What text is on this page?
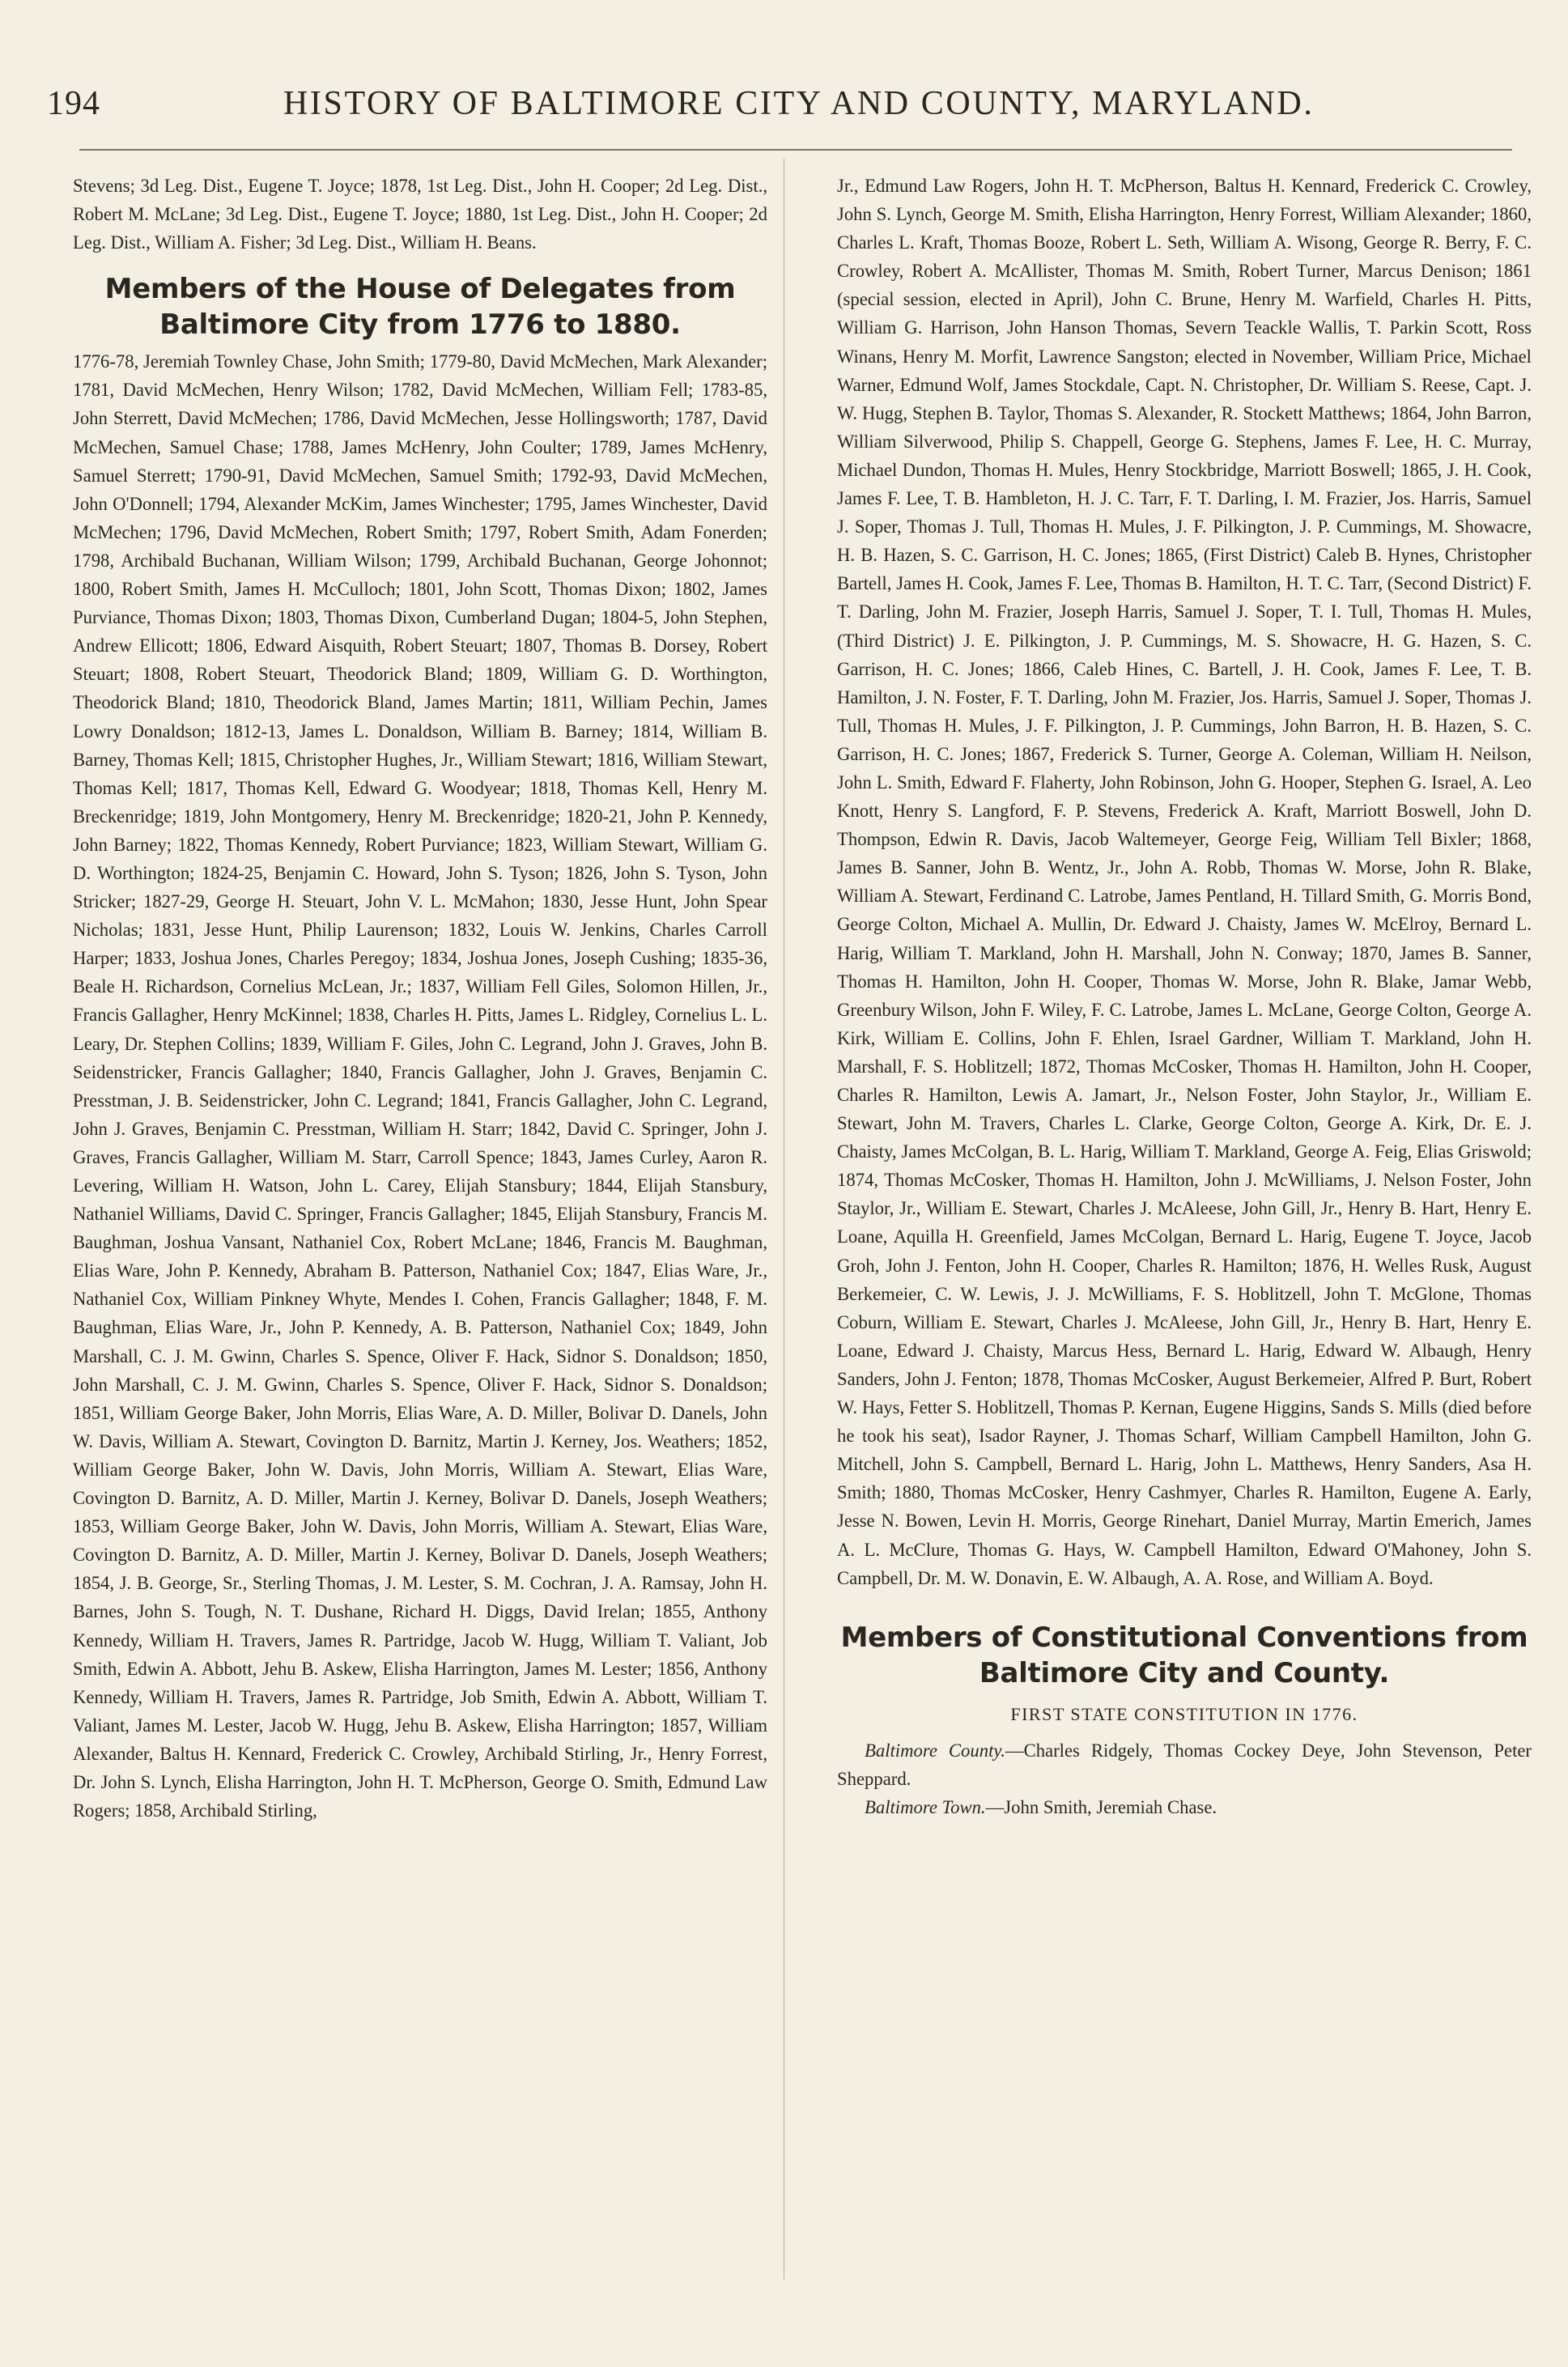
194	HISTORY OF BALTIMORE CITY AND COUNTY, MARYLAND.

Stevens; 3d Leg. Dist., Eugene T. Joyce; 1878, 1st Leg. Dist., John H. Cooper; 2d Leg. Dist., Robert M. McLane; 3d Leg. Dist., Eugene T. Joyce; 1880, 1st Leg. Dist., John H. Cooper; 2d Leg. Dist., William A. Fisher; 3d Leg. Dist., William H. Beans.

Members of the House of Delegates from Baltimore City from 1776 to 1880.

1776-78, Jeremiah Townley Chase, John Smith; 1779-80, David McMechen, Mark Alexander; 1781, David McMechen, Henry Wilson; 1782, David McMechen, William Fell; 1783-85, John Sterrett, David McMechen; 1786, David McMechen, Jesse Hollingsworth; 1787, David McMechen, Samuel Chase; 1788, James McHenry, John Coulter; 1789, James McHenry, Samuel Sterrett; 1790-91, David McMechen, Samuel Smith; 1792-93, David McMechen, John O'Donnell; 1794, Alexander McKim, James Winchester; 1795, James Winchester, David McMechen; 1796, David McMechen, Robert Smith; 1797, Robert Smith, Adam Fonerden; 1798, Archibald Buchanan, William Wilson; 1799, Archibald Buchanan, George Johonnot; 1800, Robert Smith, James H. McCulloch; 1801, John Scott, Thomas Dixon; 1802, James Purviance, Thomas Dixon; 1803, Thomas Dixon, Cumberland Dugan; 1804-5, John Stephen, Andrew Ellicott; 1806, Edward Aisquith, Robert Steuart; 1807, Thomas B. Dorsey, Robert Steuart; 1808, Robert Steuart, Theodorick Bland; 1809, William G. D. Worthington, Theodorick Bland; 1810, Theodorick Bland, James Martin; 1811, William Pechin, James Lowry Donaldson; 1812-13, James L. Donaldson, William B. Barney; 1814, William B. Barney, Thomas Kell; 1815, Christopher Hughes, Jr., William Stewart; 1816, William Stewart, Thomas Kell; 1817, Thomas Kell, Edward G. Woodyear; 1818, Thomas Kell, Henry M. Breckenridge; 1819, John Montgomery, Henry M. Breckenridge; 1820-21, John P. Kennedy, John Barney; 1822, Thomas Kennedy, Robert Purviance; 1823, William Stewart, William G. D. Worthington; 1824-25, Benjamin C. Howard, John S. Tyson; 1826, John S. Tyson, John Stricker; 1827-29, George H. Steuart, John V. L. McMahon; 1830, Jesse Hunt, John Spear Nicholas; 1831, Jesse Hunt, Philip Laurenson; 1832, Louis W. Jenkins, Charles Carroll Harper; 1833, Joshua Jones, Charles Peregoy; 1834, Joshua Jones, Joseph Cushing; 1835-36, Beale H. Richardson, Cornelius McLean, Jr.; 1837, William Fell Giles, Solomon Hillen, Jr., Francis Gallagher, Henry McKinnel; 1838, Charles H. Pitts, James L. Ridgley, Cornelius L. L. Leary, Dr. Stephen Collins; 1839, William F. Giles, John C. Legrand, John J. Graves, John B. Seidenstricker, Francis Gallagher; 1840, Francis Gallagher, John J. Graves, Benjamin C. Presstman, J. B. Seidenstricker, John C. Legrand; 1841, Francis Gallagher, John C. Legrand, John J. Graves, Benjamin C. Presstman, William H. Starr; 1842, David C. Springer, John J. Graves, Francis Gallagher, William M. Starr, Carroll Spence; 1843, James Curley, Aaron R. Levering, William H. Watson, John L. Carey, Elijah Stansbury; 1844, Elijah Stansbury, Nathaniel Williams, David C. Springer, Francis Gallagher; 1845, Elijah Stansbury, Francis M. Baughman, Joshua Vansant, Nathaniel Cox, Robert McLane; 1846, Francis M. Baughman, Elias Ware, John P. Kennedy, Abraham B. Patterson, Nathaniel Cox; 1847, Elias Ware, Jr., Nathaniel Cox, William Pinkney Whyte, Mendes I. Cohen, Francis Gallagher; 1848, F. M. Baughman, Elias Ware, Jr., John P. Kennedy, A. B. Patterson, Nathaniel Cox; 1849, John Marshall, C. J. M. Gwinn, Charles S. Spence, Oliver F. Hack, Sidnor S. Donaldson; 1850, John Marshall, C. J. M. Gwinn, Charles S. Spence, Oliver F. Hack, Sidnor S. Donaldson; 1851, William George Baker, John Morris, Elias Ware, A. D. Miller, Bolivar D. Danels, John W. Davis, William A. Stewart, Covington D. Barnitz, Martin J. Kerney, Jos. Weathers; 1852, William George Baker, John W. Davis, John Morris, William A. Stewart, Elias Ware, Covington D. Barnitz, A. D. Miller, Martin J. Kerney, Bolivar D. Danels, Joseph Weathers; 1853, William George Baker, John W. Davis, John Morris, William A. Stewart, Elias Ware, Covington D. Barnitz, A. D. Miller, Martin J. Kerney, Bolivar D. Danels, Joseph Weathers; 1854, J. B. George, Sr., Sterling Thomas, J. M. Lester, S. M. Cochran, J. A. Ramsay, John H. Barnes, John S. Tough, N. T. Dushane, Richard H. Diggs, David Irelan; 1855, Anthony Kennedy, William H. Travers, James R. Partridge, Jacob W. Hugg, William T. Valiant, Job Smith, Edwin A. Abbott, Jehu B. Askew, Elisha Harrington, James M. Lester; 1856, Anthony Kennedy, William H. Travers, James R. Partridge, Job Smith, Edwin A. Abbott, William T. Valiant, James M. Lester, Jacob W. Hugg, Jehu B. Askew, Elisha Harrington; 1857, William Alexander, Baltus H. Kennard, Frederick C. Crowley, Archibald Stirling, Jr., Henry Forrest, Dr. John S. Lynch, Elisha Harrington, John H. T. McPherson, George O. Smith, Edmund Law Rogers; 1858, Archibald Stirling,

Jr., Edmund Law Rogers, John H. T. McPherson, Baltus H. Kennard, Frederick C. Crowley, John S. Lynch, George M. Smith, Elisha Harrington, Henry Forrest, William Alexander; 1860, Charles L. Kraft, Thomas Booze, Robert L. Seth, William A. Wisong, George R. Berry, F. C. Crowley, Robert A. McAllister, Thomas M. Smith, Robert Turner, Marcus Denison; 1861 (special session, elected in April), John C. Brune, Henry M. Warfield, Charles H. Pitts, William G. Harrison, John Hanson Thomas, Severn Teackle Wallis, T. Parkin Scott, Ross Winans, Henry M. Morfit, Lawrence Sangston; elected in November, William Price, Michael Warner, Edmund Wolf, James Stockdale, Capt. N. Christopher, Dr. William S. Reese, Capt. J. W. Hugg, Stephen B. Taylor, Thomas S. Alexander, R. Stockett Matthews; 1864, John Barron, William Silverwood, Philip S. Chappell, George G. Stephens, James F. Lee, H. C. Murray, Michael Dundon, Thomas H. Mules, Henry Stockbridge, Marriott Boswell; 1865, J. H. Cook, James F. Lee, T. B. Hambleton, H. J. C. Tarr, F. T. Darling, I. M. Frazier, Jos. Harris, Samuel J. Soper, Thomas J. Tull, Thomas H. Mules, J. F. Pilkington, J. P. Cummings, M. Showacre, H. B. Hazen, S. C. Garrison, H. C. Jones; 1865, (First District) Caleb B. Hynes, Christopher Bartell, James H. Cook, James F. Lee, Thomas B. Hamilton, H. T. C. Tarr, (Second District) F. T. Darling, John M. Frazier, Joseph Harris, Samuel J. Soper, T. I. Tull, Thomas H. Mules, (Third District) J. E. Pilkington, J. P. Cummings, M. S. Showacre, H. G. Hazen, S. C. Garrison, H. C. Jones; 1866, Caleb Hines, C. Bartell, J. H. Cook, James F. Lee, T. B. Hamilton, J. N. Foster, F. T. Darling, John M. Frazier, Jos. Harris, Samuel J. Soper, Thomas J. Tull, Thomas H. Mules, J. F. Pilkington, J. P. Cummings, John Barron, H. B. Hazen, S. C. Garrison, H. C. Jones; 1867, Frederick S. Turner, George A. Coleman, William H. Neilson, John L. Smith, Edward F. Flaherty, John Robinson, John G. Hooper, Stephen G. Israel, A. Leo Knott, Henry S. Langford, F. P. Stevens, Frederick A. Kraft, Marriott Boswell, John D. Thompson, Edwin R. Davis, Jacob Waltemeyer, George Feig, William Tell Bixler; 1868, James B. Sanner, John B. Wentz, Jr., John A. Robb, Thomas W. Morse, John R. Blake, William A. Stewart, Ferdinand C. Latrobe, James Pentland, H. Tillard Smith, G. Morris Bond, George Colton, Michael A. Mullin, Dr. Edward J. Chaisty, James W. McElroy, Bernard L. Harig, William T. Markland, John H. Marshall, John N. Conway; 1870, James B. Sanner, Thomas H. Hamilton, John H. Cooper, Thomas W. Morse, John R. Blake, Jamar Webb, Greenbury Wilson, John F. Wiley, F. C. Latrobe, James L. McLane, George Colton, George A. Kirk, William E. Collins, John F. Ehlen, Israel Gardner, William T. Markland, John H. Marshall, F. S. Hoblitzell; 1872, Thomas McCosker, Thomas H. Hamilton, John H. Cooper, Charles R. Hamilton, Lewis A. Jamart, Jr., Nelson Foster, John Staylor, Jr., William E. Stewart, John M. Travers, Charles L. Clarke, George Colton, George A. Kirk, Dr. E. J. Chaisty, James McColgan, B. L. Harig, William T. Markland, George A. Feig, Elias Griswold; 1874, Thomas McCosker, Thomas H. Hamilton, John J. McWilliams, J. Nelson Foster, John Staylor, Jr., William E. Stewart, Charles J. McAleese, John Gill, Jr., Henry B. Hart, Henry E. Loane, Aquilla H. Greenfield, James McColgan, Bernard L. Harig, Eugene T. Joyce, Jacob Groh, John J. Fenton, John H. Cooper, Charles R. Hamilton; 1876, H. Welles Rusk, August Berkemeier, C. W. Lewis, J. J. McWilliams, F. S. Hoblitzell, John T. McGlone, Thomas Coburn, William E. Stewart, Charles J. McAleese, John Gill, Jr., Henry B. Hart, Henry E. Loane, Edward J. Chaisty, Marcus Hess, Bernard L. Harig, Edward W. Albaugh, Henry Sanders, John J. Fenton; 1878, Thomas McCosker, August Berkemeier, Alfred P. Burt, Robert W. Hays, Fetter S. Hoblitzell, Thomas P. Kernan, Eugene Higgins, Sands S. Mills (died before he took his seat), Isador Rayner, J. Thomas Scharf, William Campbell Hamilton, John G. Mitchell, John S. Campbell, Bernard L. Harig, John L. Matthews, Henry Sanders, Asa H. Smith; 1880, Thomas McCosker, Henry Cashmyer, Charles R. Hamilton, Eugene A. Early, Jesse N. Bowen, Levin H. Morris, George Rinehart, Daniel Murray, Martin Emerich, James A. L. McClure, Thomas G. Hays, W. Campbell Hamilton, Edward O'Mahoney, John S. Campbell, Dr. M. W. Donavin, E. W. Albaugh, A. A. Rose, and William A. Boyd.

Members of Constitutional Conventions from Baltimore City and County.
FIRST STATE CONSTITUTION IN 1776.

Baltimore County.—Charles Ridgely, Thomas Cockey Deye, John Stevenson, Peter Sheppard.

Baltimore Town.—John Smith, Jeremiah Chase.
